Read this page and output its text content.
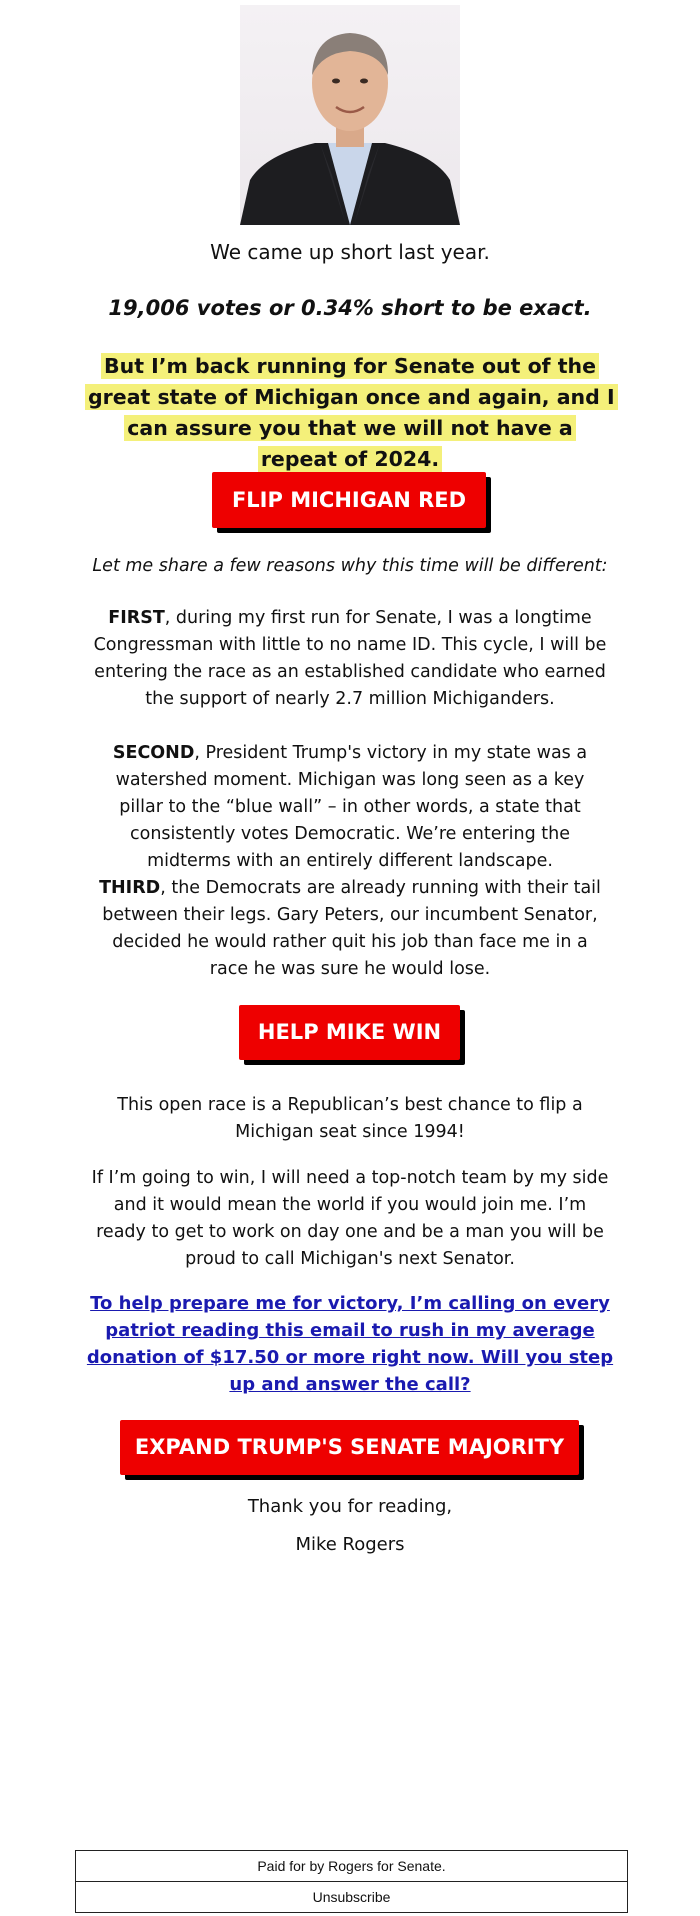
We came up short last year.

19,006 votes or 0.34% short to be exact.

But I’m back running for Senate out of the great state of Michigan once and again, and I can assure you that we will not have a repeat of 2024.

FLIP MICHIGAN RED

Let me share a few reasons why this time will be different:

FIRST, during my first run for Senate, I was a longtime Congressman with little to no name ID. This cycle, I will be entering the race as an established candidate who earned the support of nearly 2.7 million Michiganders.

SECOND, President Trump's victory in my state was a watershed moment. Michigan was long seen as a key pillar to the “blue wall” – in other words, a state that consistently votes Democratic. We’re entering the midterms with an entirely different landscape.

THIRD, the Democrats are already running with their tail between their legs. Gary Peters, our incumbent Senator, decided he would rather quit his job than face me in a race he was sure he would lose.

HELP MIKE WIN

This open race is a Republican’s best chance to flip a Michigan seat since 1994!

If I’m going to win, I will need a top-notch team by my side and it would mean the world if you would join me. I’m ready to get to work on day one and be a man you will be proud to call Michigan's next Senator.

To help prepare me for victory, I’m calling on every patriot reading this email to rush in my average donation of $17.50 or more right now. Will you step up and answer the call?

EXPAND TRUMP'S SENATE MAJORITY

Thank you for reading,

Mike Rogers

Paid for by Rogers for Senate.
Unsubscribe
